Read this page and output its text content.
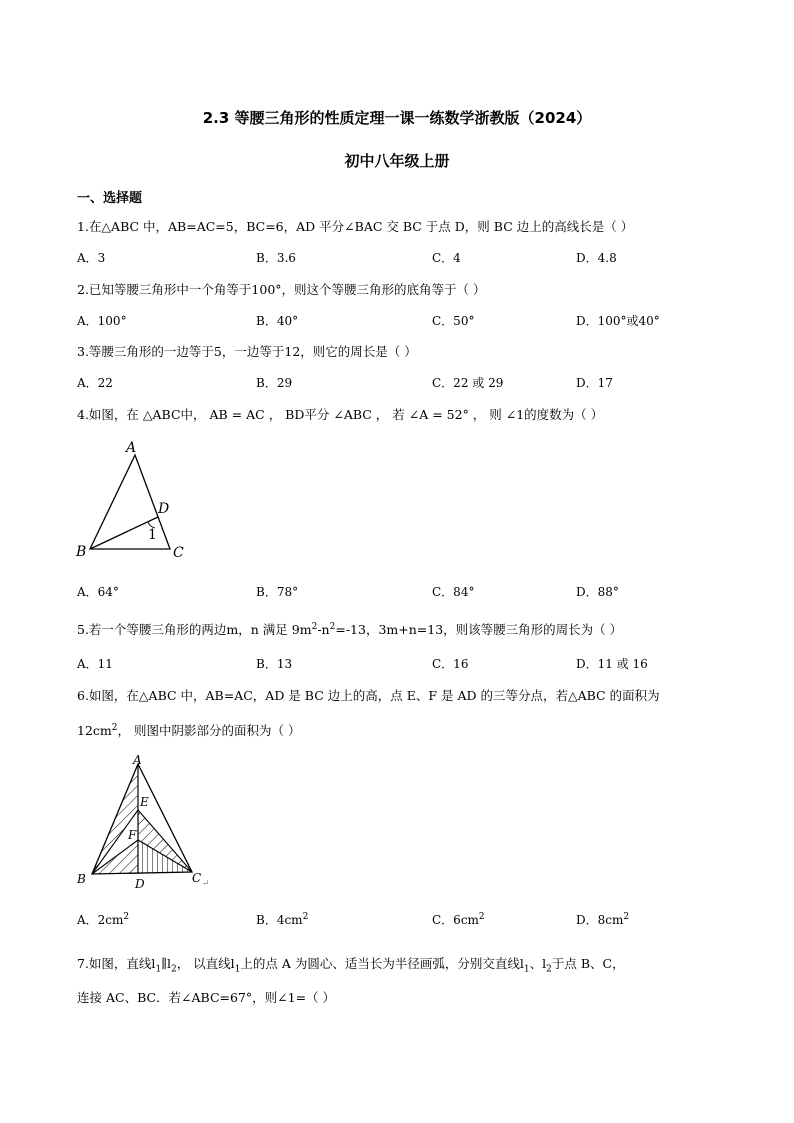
2.3 等腰三角形的性质定理一课一练数学浙教版（2024）
初中八年级上册
一、选择题
1.在△ABC 中，AB=AC=5，BC=6，AD 平分∠BAC 交 BC 于点 D，则 BC 边上的高线长是（ ）
A．3	B．3.6	C．4	D．4.8
2.已知等腰三角形中一个角等于100°，则这个等腰三角形的底角等于（ ）
A．100°	B．40°	C．50°	D．100°或40°
3.等腰三角形的一边等于5，一边等于12，则它的周长是（ ）
A．22	B．29	C．22 或 29	D．17
4.如图，在 △ABC中， AB = AC ， BD平分 ∠ABC ， 若 ∠A = 52° ， 则 ∠1的度数为（ ）
A
D
1
B	C
A．64°	B．78°	C．84°	D．88°
5.若一个等腰三角形的两边m，n 满足 $9m^2-n^2=-13$，3m+n=13，则该等腰三角形的周长为（ ）
A．11	B．13	C．16	D．11 或 16
6.如图，在△ABC 中，AB=AC，AD 是 BC 边上的高，点 E、F 是 AD 的三等分点，若△ABC 的面积为
$12cm^2$， 则图中阴影部分的面积为（ ）
A
E
F
B	D	C ↵
A．$2cm^2$	B．$4cm^2$	C．$6cm^2$	D．$8cm^2$
7.如图，直线$l_1\parallel l_2$， 以直线$l_1$上的点 A 为圆心、适当长为半径画弧，分别交直线$l_1$、$l_2$于点 B、C，
连接 AC、BC．若∠ABC=67°，则∠1=（ ）
